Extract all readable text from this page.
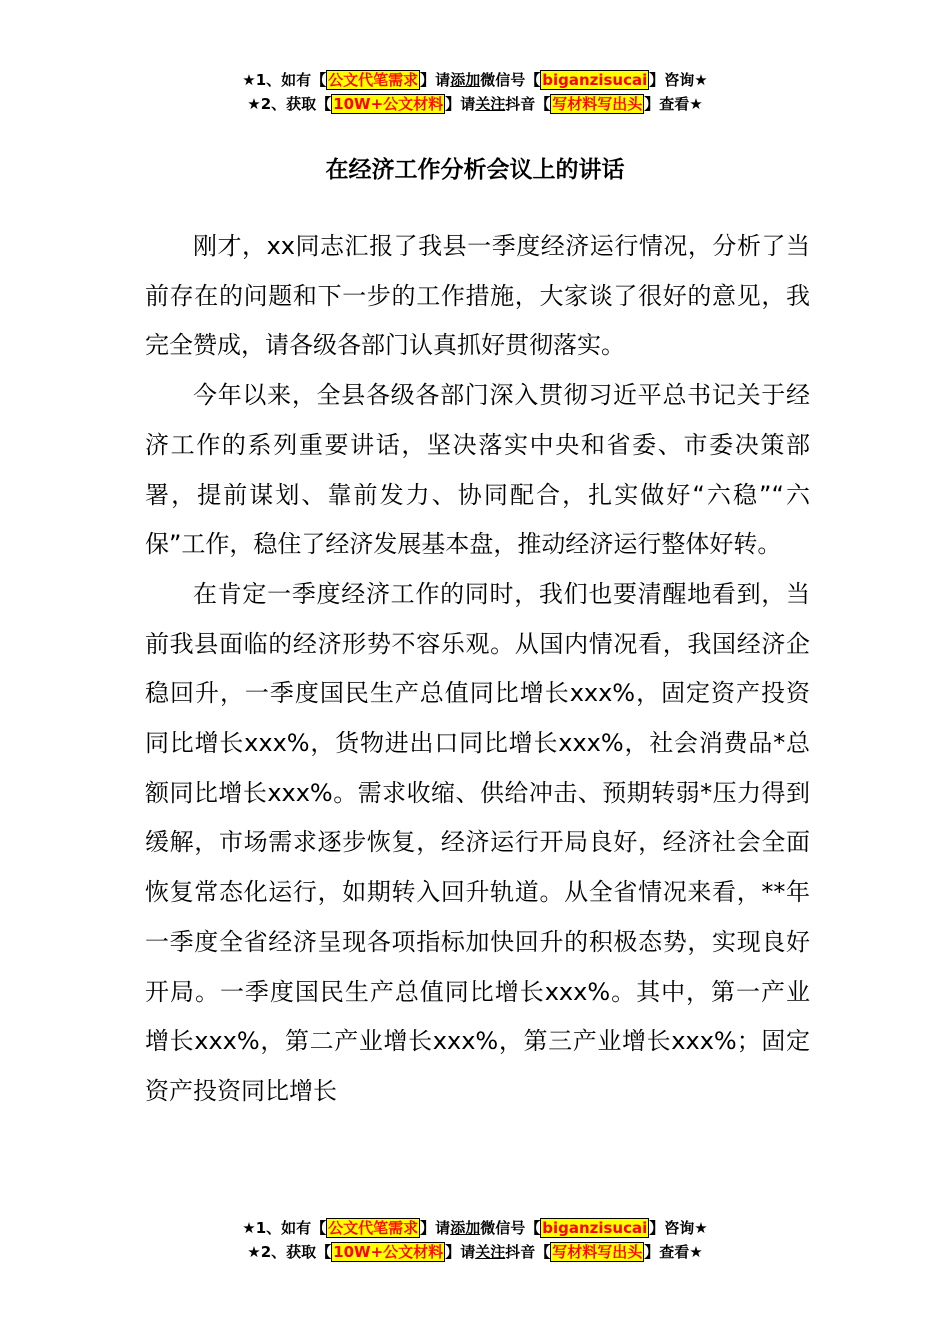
★1、如有【 公文代笔需求 】请添加微信号【 biganzisucai 】咨询★
★2、获取【 10W+公文材料 】请关注抖音【 写材料写出头 】查看★
在经济工作分析会议上的讲话

刚才，xx同志汇报了我县一季度经济运行情况，分析了当前存在的问题和下一步的工作措施，大家谈了很好的意见，我完全赞成，请各级各部门认真抓好贯彻落实。

今年以来，全县各级各部门深入贯彻习近平总书记关于经济工作的系列重要讲话，坚决落实中央和省委、市委决策部署，提前谋划、靠前发力、协同配合，扎实做好“六稳”“六保”工作，稳住了经济发展基本盘，推动经济运行整体好转。

在肯定一季度经济工作的同时，我们也要清醒地看到，当前我县面临的经济形势不容乐观。从国内情况看，我国经济企稳回升，一季度国民生产总值同比增长xxx%，固定资产投资同比增长xxx%，货物进出口同比增长xxx%，社会消费品*总额同比增长xxx%。需求收缩、供给冲击、预期转弱*压力得到缓解，市场需求逐步恢复，经济运行开局良好，经济社会全面恢复常态化运行，如期转入回升轨道。从全省情况来看，**年一季度全省经济呈现各项指标加快回升的积极态势，实现良好开局。一季度国民生产总值同比增长xxx%。其中，第一产业增长xxx%，第二产业增长xxx%，第三产业增长xxx%；固定资产投资同比增长

★1、如有【 公文代笔需求 】请添加微信号【 biganzisucai 】咨询★
★2、获取【 10W+公文材料 】请关注抖音【 写材料写出头 】查看★
